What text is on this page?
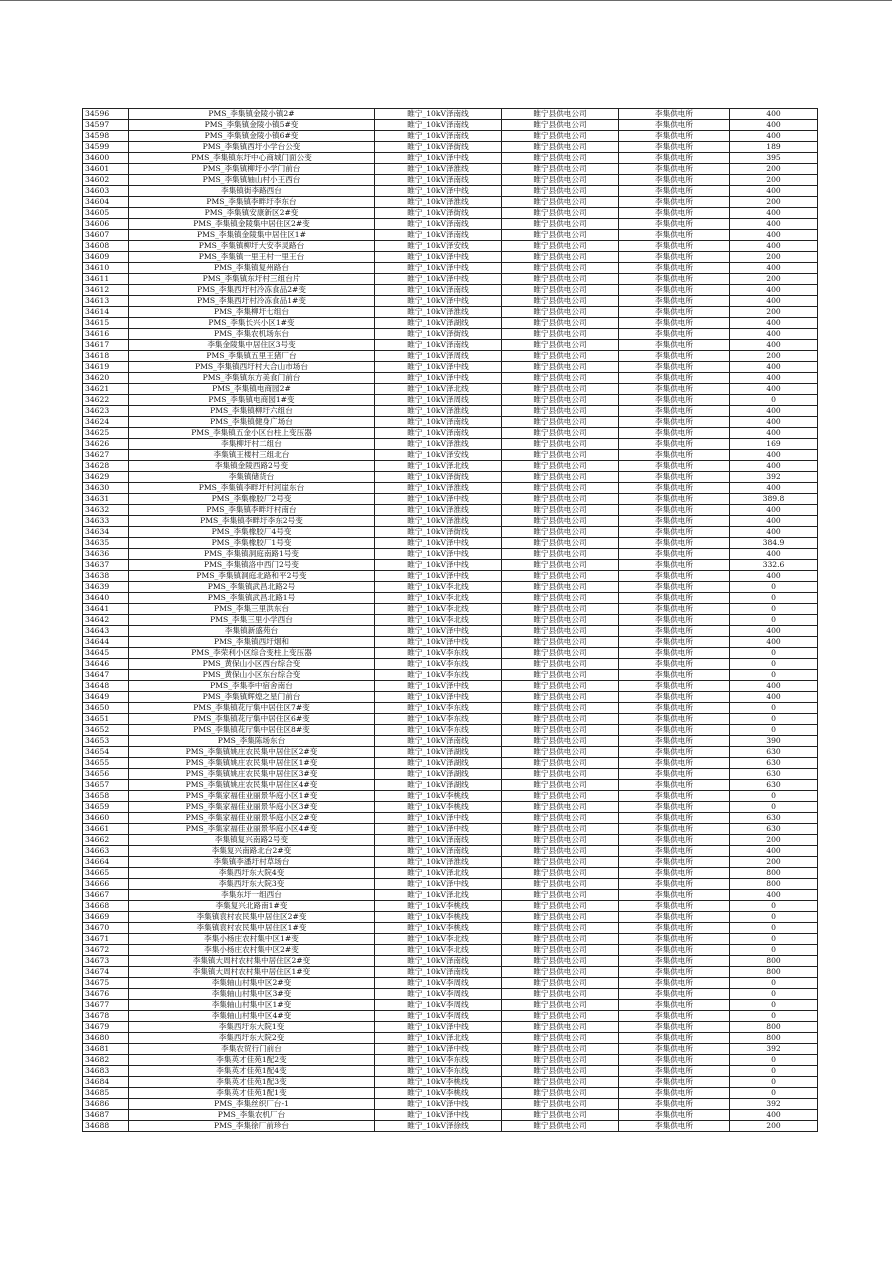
34596	PMS_李集镇金陵小镇2#	睢宁_10kV泽南线	睢宁县供电公司	李集供电所	400
34597	PMS_李集镇金陵小镇5#变	睢宁_10kV泽南线	睢宁县供电公司	李集供电所	400
34598	PMS_李集镇金陵小镇6#变	睢宁_10kV泽南线	睢宁县供电公司	李集供电所	400
34599	PMS_李集镇西圩小学台公变	睢宁_10kV泽街线	睢宁县供电公司	李集供电所	189
34600	PMS_李集镇东圩中心商城门面公变	睢宁_10kV泽中线	睢宁县供电公司	李集供电所	395
34601	PMS_李集镇柳圩小学门前台	睢宁_10kV泽淮线	睢宁县供电公司	李集供电所	200
34602	PMS_李集镇轴山村小王西台	睢宁_10kV泽南线	睢宁县供电公司	李集供电所	200
34603	李集镇街李路西台	睢宁_10kV泽中线	睢宁县供电公司	李集供电所	400
34604	PMS_李集镇李畔圩李东台	睢宁_10kV泽淮线	睢宁县供电公司	李集供电所	200
34605	PMS_李集镇安康新区2#变	睢宁_10kV泽街线	睢宁县供电公司	李集供电所	400
34606	PMS_李集镇金陵集中居住区2#变	睢宁_10kV泽南线	睢宁县供电公司	李集供电所	400
34607	PMS_李集镇金陵集中居住区1#	睢宁_10kV泽南线	睢宁县供电公司	李集供电所	400
34608	PMS_李集镇柳圩大安李灵路台	睢宁_10kV泽安线	睢宁县供电公司	李集供电所	400
34609	PMS_李集镇一里王村一里王台	睢宁_10kV泽中线	睢宁县供电公司	李集供电所	200
34610	PMS_李集镇复州路台	睢宁_10kV泽中线	睢宁县供电公司	李集供电所	400
34611	PMS_李集镇东圩村三组台片	睢宁_10kV泽中线	睢宁县供电公司	李集供电所	200
34612	PMS_李集西圩村冷冻食品2#变	睢宁_10kV泽南线	睢宁县供电公司	李集供电所	400
34613	PMS_李集西圩村冷冻食品1#变	睢宁_10kV泽中线	睢宁县供电公司	李集供电所	400
34614	PMS_李集柳圩七组台	睢宁_10kV泽淮线	睢宁县供电公司	李集供电所	200
34615	PMS_李集长兴小区1#变	睢宁_10kV泽湖线	睢宁县供电公司	李集供电所	400
34616	PMS_李集农机场东台	睢宁_10kV泽街线	睢宁县供电公司	李集供电所	400
34617	李集金陵集中居住区3号变	睢宁_10kV泽南线	睢宁县供电公司	李集供电所	400
34618	PMS_李集镇五里王猪厂台	睢宁_10kV泽周线	睢宁县供电公司	李集供电所	200
34619	PMS_李集镇西圩村大合山市场台	睢宁_10kV泽中线	睢宁县供电公司	李集供电所	400
34620	PMS_李集镇东方美食门前台	睢宁_10kV泽中线	睢宁县供电公司	李集供电所	400
34621	PMS_李集镇电商园2#	睢宁_10kV泽北线	睢宁县供电公司	李集供电所	400
34622	PMS_李集镇电商园1#变	睢宁_10kV泽周线	睢宁县供电公司	李集供电所	0
34623	PMS_李集镇柳圩六组台	睢宁_10kV泽淮线	睢宁县供电公司	李集供电所	400
34624	PMS_李集镇健身广场台	睢宁_10kV泽南线	睢宁县供电公司	李集供电所	400
34625	PMS_李集镇五金小区台柱上变压器	睢宁_10kV泽南线	睢宁县供电公司	李集供电所	400
34626	李集柳圩村二组台	睢宁_10kV泽淮线	睢宁县供电公司	李集供电所	169
34627	李集镇王楼村三组北台	睢宁_10kV泽安线	睢宁县供电公司	李集供电所	400
34628	李集镇金陵西路2号变	睢宁_10kV泽北线	睢宁县供电公司	李集供电所	400
34629	李集镇储货台	睢宁_10kV泽街线	睢宁县供电公司	李集供电所	392
34630	PMS_李集镇李畔圩村河崖东台	睢宁_10kV泽淮线	睢宁县供电公司	李集供电所	400
34631	PMS_李集橡胶厂2号变	睢宁_10kV泽中线	睢宁县供电公司	李集供电所	389.8
34632	PMS_李集镇李畔圩村南台	睢宁_10kV泽淮线	睢宁县供电公司	李集供电所	400
34633	PMS_李集镇李畔圩李东2号变	睢宁_10kV泽淮线	睢宁县供电公司	李集供电所	400
34634	PMS_李集橡胶厂4号变	睢宁_10kV泽街线	睢宁县供电公司	李集供电所	400
34635	PMS_李集橡胶厂1号变	睢宁_10kV泽中线	睢宁县供电公司	李集供电所	384.9
34636	PMS_李集镇洞庭南路1号变	睢宁_10kV泽中线	睢宁县供电公司	李集供电所	400
34637	PMS_李集镇洛中西门2号变	睢宁_10kV泽中线	睢宁县供电公司	李集供电所	332.6
34638	PMS_李集镇洞庭北路和平2号变	睢宁_10kV泽中线	睢宁县供电公司	李集供电所	400
34639	PMS_李集镇武昌北路2号	睢宁_10kV李北线	睢宁县供电公司	李集供电所	0
34640	PMS_李集镇武昌北路1号	睢宁_10kV李北线	睢宁县供电公司	李集供电所	0
34641	PMS_李集三里洪东台	睢宁_10kV李北线	睢宁县供电公司	李集供电所	0
34642	PMS_李集三里小学西台	睢宁_10kV李北线	睢宁县供电公司	李集供电所	0
34643	李集镇新盛苑台	睢宁_10kV泽中线	睢宁县供电公司	李集供电所	400
34644	PMS_李集镇西圩烟和	睢宁_10kV泽中线	睢宁县供电公司	李集供电所	400
34645	PMS_李荣利小区综合变柱上变压器	睢宁_10kV李东线	睢宁县供电公司	李集供电所	0
34646	PMS_黄保山小区西台综合变	睢宁_10kV李东线	睢宁县供电公司	李集供电所	0
34647	PMS_黄保山小区东台综合变	睢宁_10kV李东线	睢宁县供电公司	李集供电所	0
34648	PMS_李集李中宿舍南台	睢宁_10kV泽中线	睢宁县供电公司	李集供电所	400
34649	PMS_李集镇辉煌之星门前台	睢宁_10kV泽中线	睢宁县供电公司	李集供电所	400
34650	PMS_李集镇花厅集中居住区7#变	睢宁_10kV李东线	睢宁县供电公司	李集供电所	0
34651	PMS_李集镇花厅集中居住区6#变	睢宁_10kV李东线	睢宁县供电公司	李集供电所	0
34652	PMS_李集镇花厅集中居住区8#变	睢宁_10kV李东线	睢宁县供电公司	李集供电所	0
34653	PMS_李集陈场东台	睢宁_10kV泽南线	睢宁县供电公司	李集供电所	390
34654	PMS_李集镇姚庄农民集中居住区2#变	睢宁_10kV泽湖线	睢宁县供电公司	李集供电所	630
34655	PMS_李集镇姚庄农民集中居住区1#变	睢宁_10kV泽湖线	睢宁县供电公司	李集供电所	630
34656	PMS_李集镇姚庄农民集中居住区3#变	睢宁_10kV泽湖线	睢宁县供电公司	李集供电所	630
34657	PMS_李集镇姚庄农民集中居住区4#变	睢宁_10kV泽湖线	睢宁县供电公司	李集供电所	630
34658	PMS_李集家福佳业丽景华庭小区1#变	睢宁_10kV李桃线	睢宁县供电公司	李集供电所	0
34659	PMS_李集家福佳业丽景华庭小区3#变	睢宁_10kV李桃线	睢宁县供电公司	李集供电所	0
34660	PMS_李集家福佳业丽景华庭小区2#变	睢宁_10kV泽中线	睢宁县供电公司	李集供电所	630
34661	PMS_李集家福佳业丽景华庭小区4#变	睢宁_10kV泽中线	睢宁县供电公司	李集供电所	630
34662	李集镇复兴南路2号变	睢宁_10kV泽南线	睢宁县供电公司	李集供电所	200
34663	李集复兴南路北台2#变	睢宁_10kV泽南线	睢宁县供电公司	李集供电所	400
34664	李集镇李潘圩村草场台	睢宁_10kV泽淮线	睢宁县供电公司	李集供电所	200
34665	李集西圩东大院4变	睢宁_10kV泽北线	睢宁县供电公司	李集供电所	800
34666	李集西圩东大院3变	睢宁_10kV泽中线	睢宁县供电公司	李集供电所	800
34667	李集东圩一组西台	睢宁_10kV泽北线	睢宁县供电公司	李集供电所	400
34668	李集复兴北路南1#变	睢宁_10kV李桃线	睢宁县供电公司	李集供电所	0
34669	李集镇袁村农民集中居住区2#变	睢宁_10kV李桃线	睢宁县供电公司	李集供电所	0
34670	李集镇袁村农民集中居住区1#变	睢宁_10kV李桃线	睢宁县供电公司	李集供电所	0
34671	李集小杨庄农村集中区1#变	睢宁_10kV李北线	睢宁县供电公司	李集供电所	0
34672	李集小杨庄农村集中区2#变	睢宁_10kV李北线	睢宁县供电公司	李集供电所	0
34673	李集镇大周村农村集中居住区2#变	睢宁_10kV泽南线	睢宁县供电公司	李集供电所	800
34674	李集镇大周村农村集中居住区1#变	睢宁_10kV泽南线	睢宁县供电公司	李集供电所	800
34675	李集轴山村集中区2#变	睢宁_10kV李周线	睢宁县供电公司	李集供电所	0
34676	李集轴山村集中区3#变	睢宁_10kV李周线	睢宁县供电公司	李集供电所	0
34677	李集轴山村集中区1#变	睢宁_10kV李周线	睢宁县供电公司	李集供电所	0
34678	李集轴山村集中区4#变	睢宁_10kV李周线	睢宁县供电公司	李集供电所	0
34679	李集西圩东大院1变	睢宁_10kV泽中线	睢宁县供电公司	李集供电所	800
34680	李集西圩东大院2变	睢宁_10kV泽北线	睢宁县供电公司	李集供电所	800
34681	李集农贸行门前台	睢宁_10kV泽中线	睢宁县供电公司	李集供电所	392
34682	李集英才佳苑1配2变	睢宁_10kV李东线	睢宁县供电公司	李集供电所	0
34683	李集英才佳苑1配4变	睢宁_10kV李东线	睢宁县供电公司	李集供电所	0
34684	李集英才佳苑1配3变	睢宁_10kV李桃线	睢宁县供电公司	李集供电所	0
34685	李集英才佳苑1配1变	睢宁_10kV李桃线	睢宁县供电公司	李集供电所	0
34686	PMS_李集丝织厂台-1	睢宁_10kV泽中线	睢宁县供电公司	李集供电所	392
34687	PMS_李集农机厂台	睢宁_10kV泽中线	睢宁县供电公司	李集供电所	400
34688	PMS_李集徐厂前珍台	睢宁_10kV泽徐线	睢宁县供电公司	李集供电所	200
